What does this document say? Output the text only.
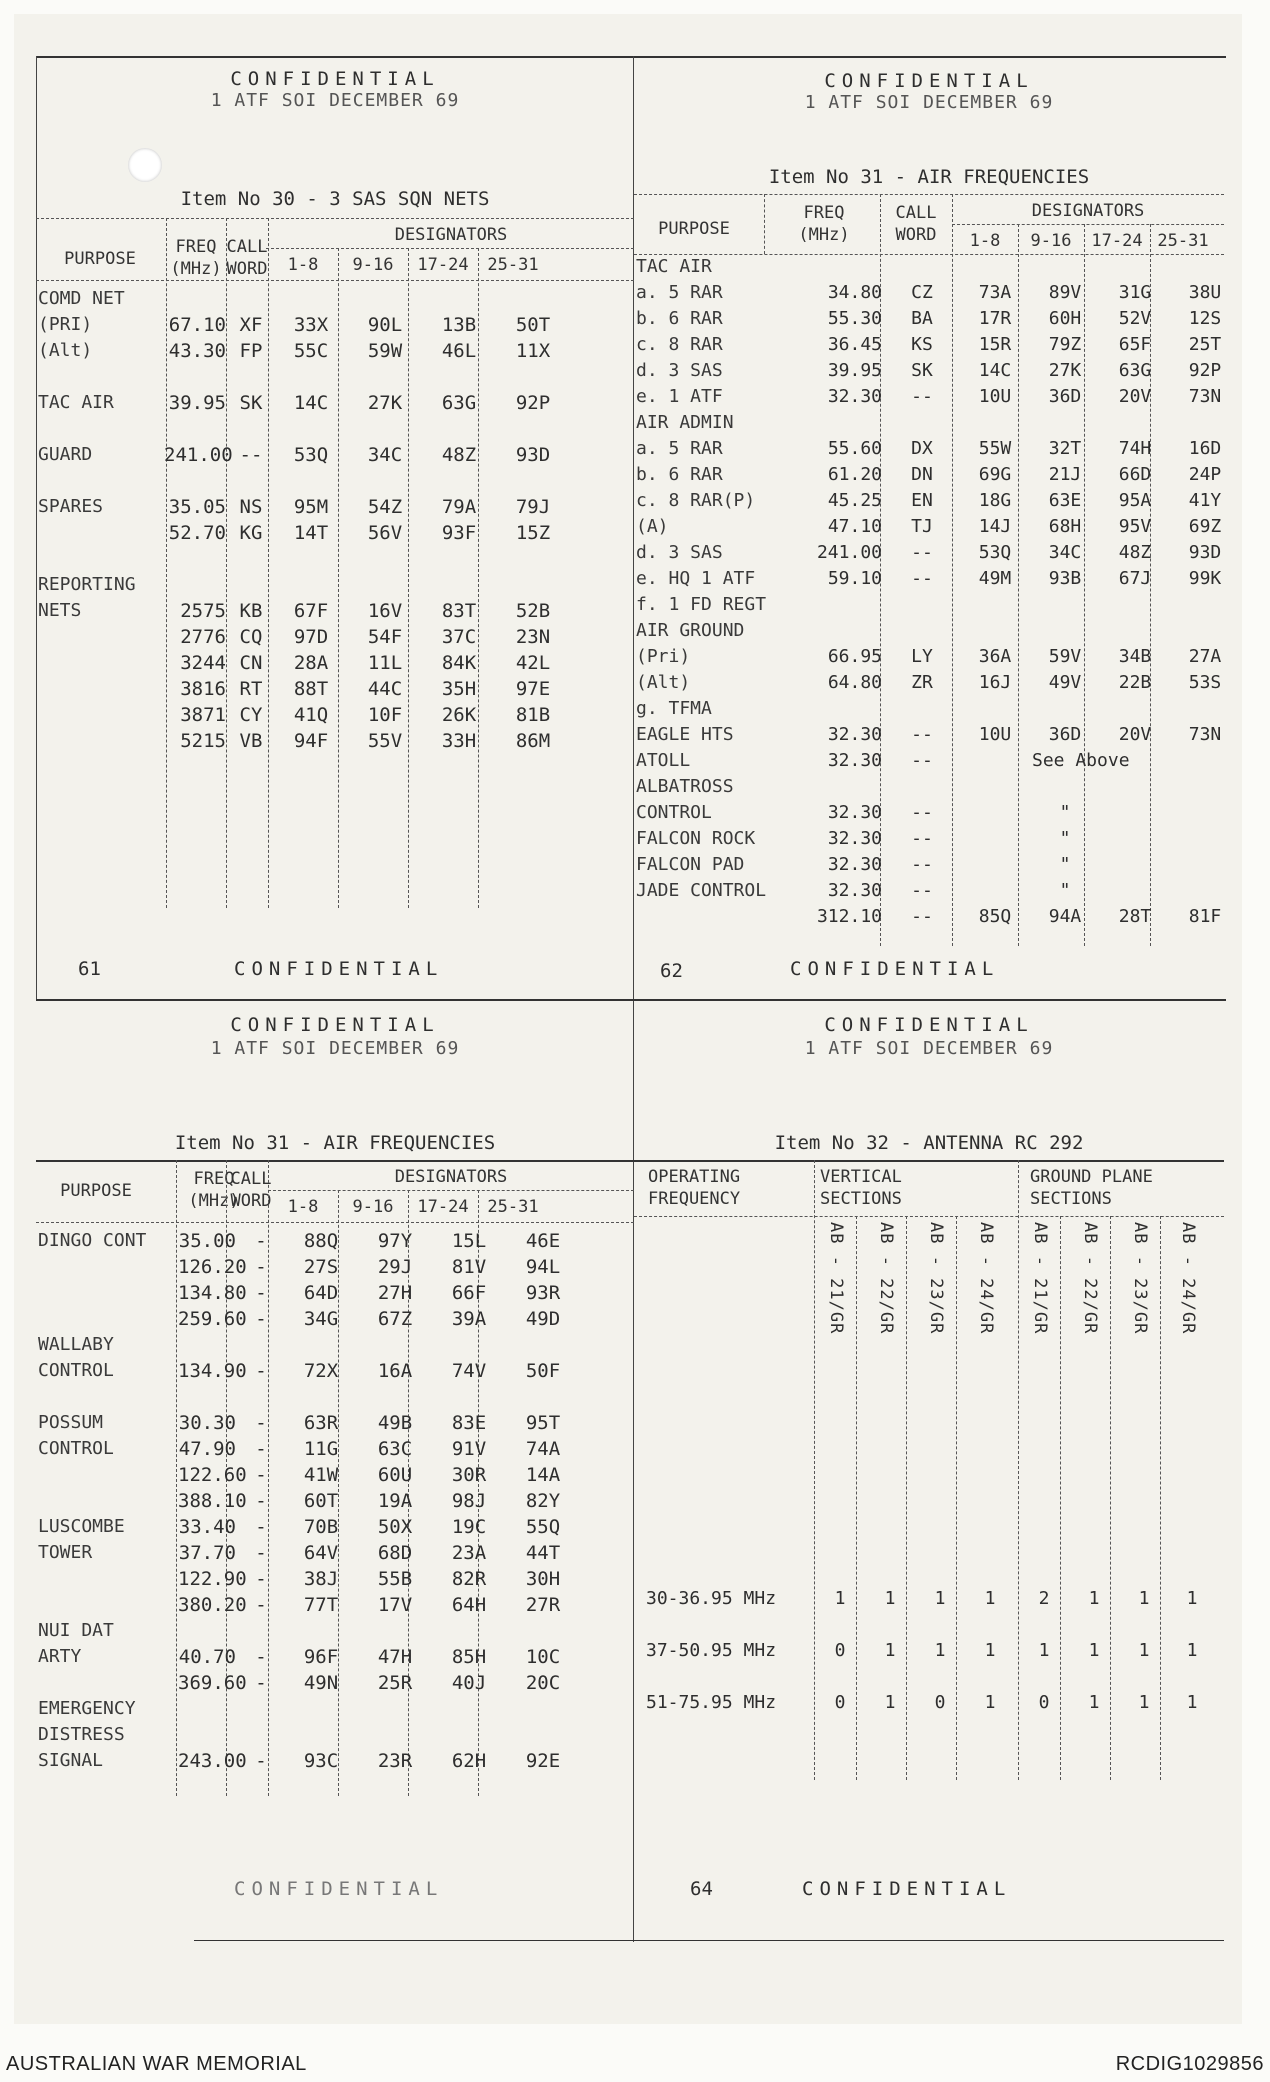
CONFIDENTIAL
1 ATF SOI DECEMBER 69
Item No 30 - 3 SAS SQN NETS
PURPOSE
FREQ (MHz)
CALL WORD
DESIGNATORS
1-8	9-16	17-24	25-31
COMD NET						
(PRI)	67.10	XF	33X	90L	13B	50T
(Alt)	43.30	FP	55C	59W	46L	11X

TAC AIR	39.95	SK	14C	27K	63G	92P

GUARD	241.00	--	53Q	34C	48Z	93D

SPARES	35.05	NS	95M	54Z	79A	79J
	52.70	KG	14T	56V	93F	15Z

REPORTING						
NETS	2575	KB	67F	16V	83T	52B
	2776	CQ	97D	54F	37C	23N
	3244	CN	28A	11L	84K	42L
	3816	RT	88T	44C	35H	97E
	3871	CY	41Q	10F	26K	81B
	5215	VB	94F	55V	33H	86M
61	CONFIDENTIAL
CONFIDENTIAL
1 ATF SOI DECEMBER 69
Item No 31 - AIR FREQUENCIES
PURPOSE
FREQ (MHz)
CALL WORD
DESIGNATORS
1-8	9-16	17-24 25-31
TAC AIR						
a. 5 RAR	34.80	CZ	73A	89V	31G	38U
b. 6 RAR	55.30	BA	17R	60H	52V	12S
c. 8 RAR	36.45	KS	15R	79Z	65F	25T
d. 3 SAS	39.95	SK	14C	27K	63G	92P
e. 1 ATF	32.30	--	10U	36D	20V	73N
AIR ADMIN						
a. 5 RAR	55.60	DX	55W	32T	74H	16D
b. 6 RAR	61.20	DN	69G	21J	66D	24P
c. 8 RAR(P)	45.25	EN	18G	63E	95A	41Y
(A)	47.10	TJ	14J	68H	95V	69Z
d. 3 SAS	241.00	--	53Q	34C	48Z	93D
e. HQ 1 ATF	59.10	--	49M	93B	67J	99K
f. 1 FD REGT						
AIR GROUND						
(Pri)	66.95	LY	36A	59V	34B	27A
(Alt)	64.80	ZR	16J	49V	22B	53S
g. TFMA						
EAGLE HTS	32.30	--	10U	36D	20V	73N
ATOLL	32.30	--		See Above		
ALBATROSS						
CONTROL	32.30	--		"		
FALCON ROCK	32.30	--		"		
FALCON PAD	32.30	--		"		
JADE CONTROL	32.30	--		"		
	312.10	--	85Q	94A	28T	81F
62	CONFIDENTIAL
CONFIDENTIAL
1 ATF SOI DECEMBER 69
Item No 31 - AIR FREQUENCIES
PURPOSE
FREQ (MHz)
CALL WORD
DESIGNATORS
1-8	9-16	17-24	25-31
DINGO CONT	35.00	-	88Q	97Y	15L	46E
	126.20	-	27S	29J	81V	94L
	134.80	-	64D	27H	66F	93R
	259.60	-	34G	67Z	39A	49D
WALLABY						
CONTROL	134.90	-	72X	16A	74V	50F

POSSUM	30.30	-	63R	49B	83E	95T
CONTROL	47.90	-	11G	63C	91V	74A
	122.60	-	41W	60U	30R	14A
	388.10	-	60T	19A	98J	82Y
LUSCOMBE	33.40	-	70B	50X	19C	55Q
TOWER	37.70	-	64V	68D	23A	44T
	122.90	-	38J	55B	82R	30H
	380.20	-	77T	17V	64H	27R
NUI DAT						
ARTY	40.70	-	96F	47H	85H	10C
	369.60	-	49N	25R	40J	20C
EMERGENCY						
DISTRESS						
SIGNAL	243.00	-	93C	23R	62H	92E
CONFIDENTIAL
CONFIDENTIAL
1 ATF SOI DECEMBER 69
Item No 32 - ANTENNA RC 292
OPERATING FREQUENCY
VERTICAL SECTIONS
GROUND PLANE SECTIONS
AB - 21/GR AB - 22/GR AB - 23/GR AB - 24/GR AB - 21/GR AB - 22/GR AB - 23/GR AB - 24/GR
30-36.95 MHz	1 1 1 1 2 1 1 1
37-50.95 MHz	0 1 1 1 1 1 1 1
51-75.95 MHz	0 1 0 1 0 1 1 1
64	CONFIDENTIAL
AUSTRALIAN WAR MEMORIAL	RCDIG1029856
